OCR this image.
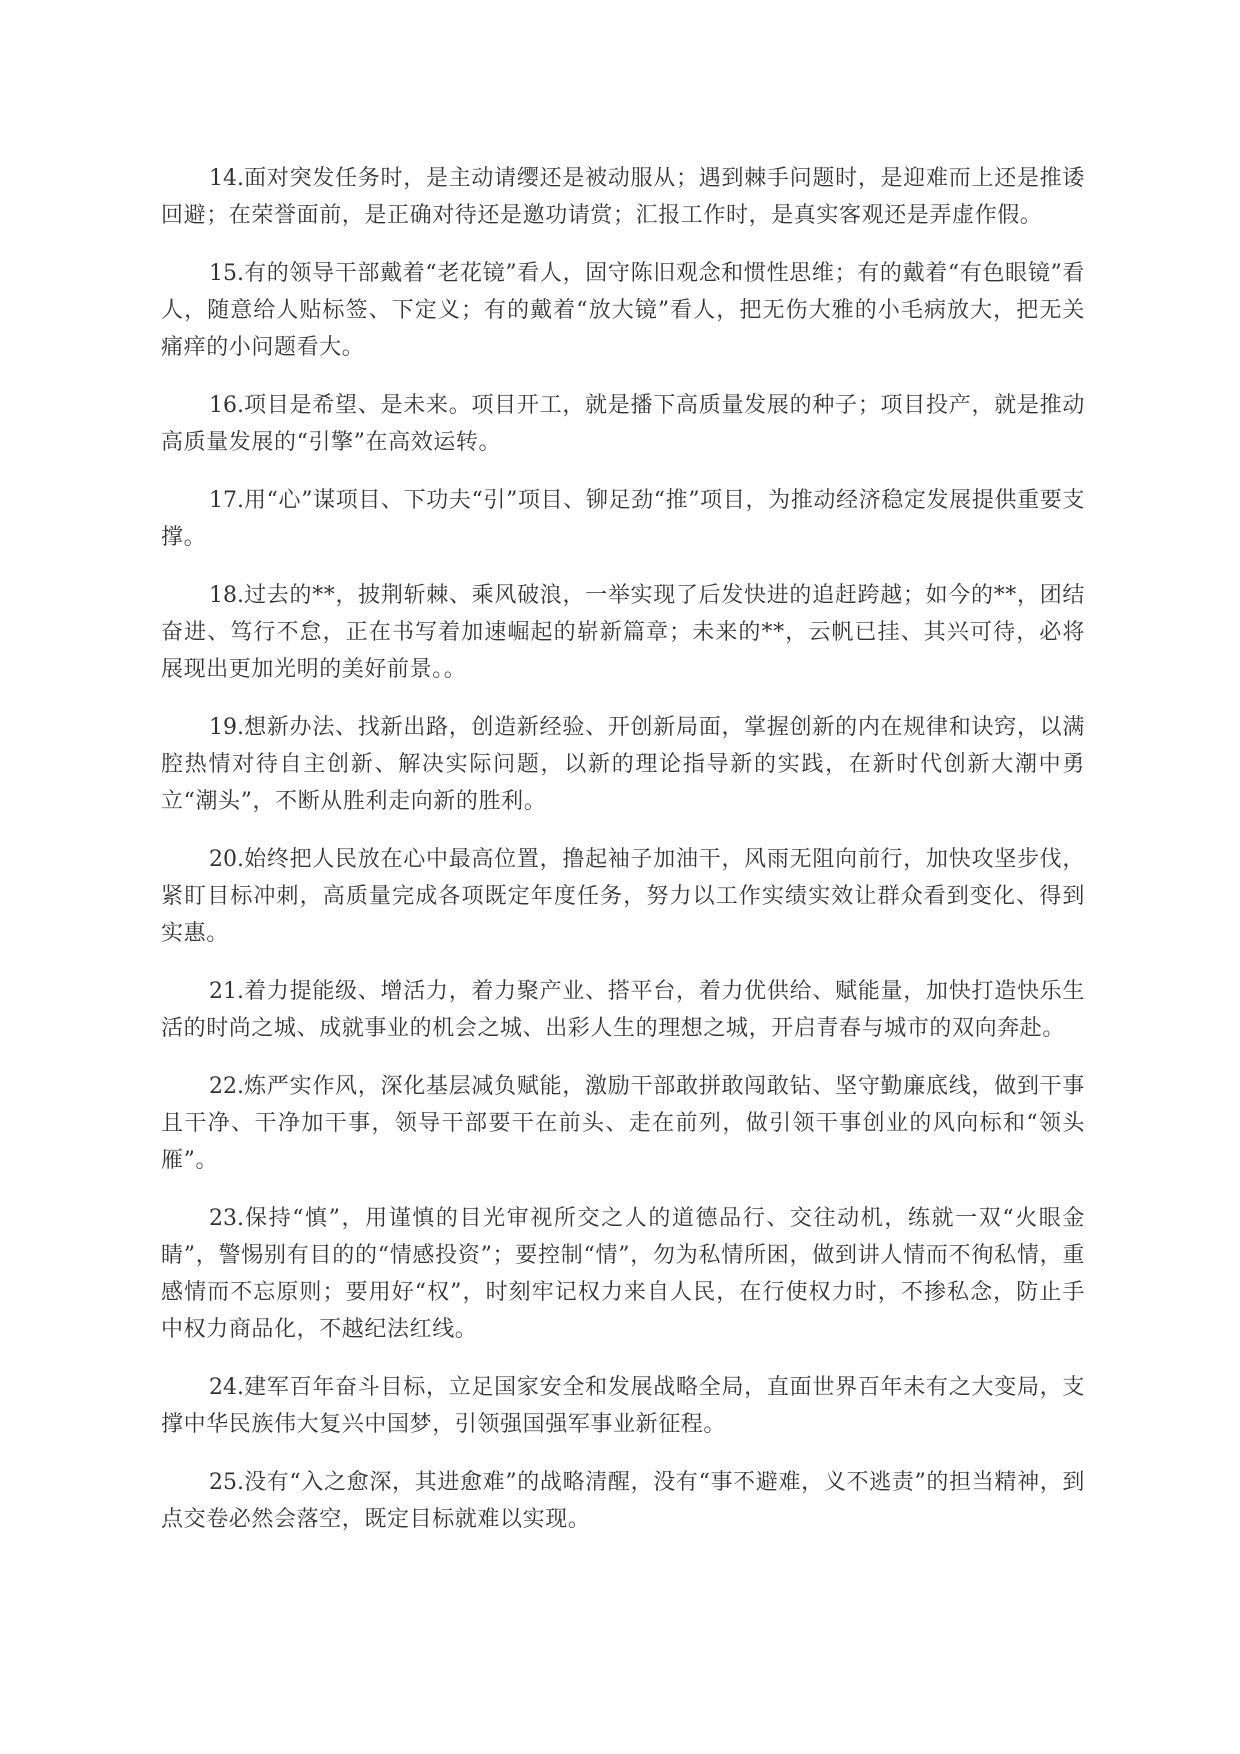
14.面对突发任务时，是主动请缨还是被动服从；遇到棘手问题时，是迎难而上还是推诿回避；在荣誉面前，是正确对待还是邀功请赏；汇报工作时，是真实客观还是弄虚作假。

15.有的领导干部戴着“老花镜”看人，固守陈旧观念和惯性思维；有的戴着“有色眼镜”看人，随意给人贴标签、下定义；有的戴着“放大镜”看人，把无伤大雅的小毛病放大，把无关痛痒的小问题看大。

16.项目是希望、是未来。项目开工，就是播下高质量发展的种子；项目投产，就是推动高质量发展的“引擎”在高效运转。

17.用“心”谋项目、下功夫“引”项目、铆足劲“推”项目，为推动经济稳定发展提供重要支撑。

18.过去的**，披荆斩棘、乘风破浪，一举实现了后发快进的追赶跨越；如今的**，团结奋进、笃行不怠，正在书写着加速崛起的崭新篇章；未来的**，云帆已挂、其兴可待，必将展现出更加光明的美好前景。。

19.想新办法、找新出路，创造新经验、开创新局面，掌握创新的内在规律和诀窍，以满腔热情对待自主创新、解决实际问题，以新的理论指导新的实践，在新时代创新大潮中勇立“潮头”，不断从胜利走向新的胜利。

20.始终把人民放在心中最高位置，撸起袖子加油干，风雨无阻向前行，加快攻坚步伐，紧盯目标冲刺，高质量完成各项既定年度任务，努力以工作实绩实效让群众看到变化、得到实惠。

21.着力提能级、增活力，着力聚产业、搭平台，着力优供给、赋能量，加快打造快乐生活的时尚之城、成就事业的机会之城、出彩人生的理想之城，开启青春与城市的双向奔赴。

22.炼严实作风，深化基层减负赋能，激励干部敢拼敢闯敢钻、坚守勤廉底线，做到干事且干净、干净加干事，领导干部要干在前头、走在前列，做引领干事创业的风向标和“领头雁”。

23.保持“慎”，用谨慎的目光审视所交之人的道德品行、交往动机，练就一双“火眼金睛”，警惕别有目的的“情感投资”；要控制“情”，勿为私情所困，做到讲人情而不徇私情，重感情而不忘原则；要用好“权”，时刻牢记权力来自人民，在行使权力时，不掺私念，防止手中权力商品化，不越纪法红线。

24.建军百年奋斗目标，立足国家安全和发展战略全局，直面世界百年未有之大变局，支撑中华民族伟大复兴中国梦，引领强国强军事业新征程。

25.没有“入之愈深，其进愈难”的战略清醒，没有“事不避难，义不逃责”的担当精神，到点交卷必然会落空，既定目标就难以实现。
